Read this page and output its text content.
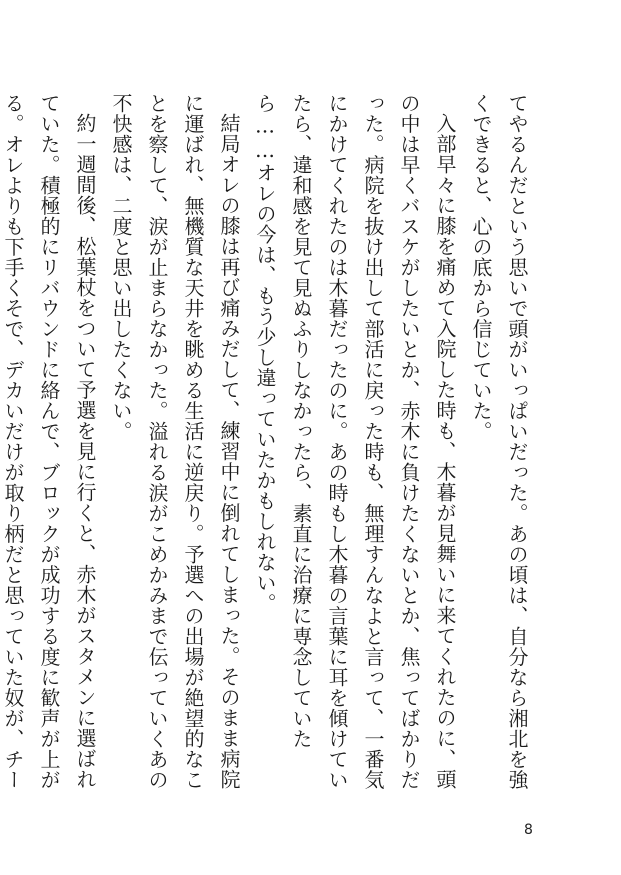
てやるんだという思いで頭がいっぱいだった。あの頃は、自分なら湘北を強くできると、心の底から信じていた。

入部早々に膝を痛めて入院した時も、木暮が見舞いに来てくれたのに、頭の中は早くバスケがしたいとか、赤木に負けたくないとか、焦ってばかりだった。病院を抜け出して部活に戻った時も、無理すんなよと言って、一番気にかけてくれたのは木暮だったのに。あの時もし木暮の言葉に耳を傾けていたら、違和感を見て見ぬふりしなかったら、素直に治療に専念していたら……オレの今は、もう少し違っていたかもしれない。

結局オレの膝は再び痛みだして、練習中に倒れてしまった。そのまま病院に運ばれ、無機質な天井を眺める生活に逆戻り。予選への出場が絶望的なことを察して、涙が止まらなかった。溢れる涙がこめかみまで伝っていくあの不快感は、二度と思い出したくない。

約一週間後、松葉杖をついて予選を見に行くと、赤木がスタメンに選ばれていた。積極的にリバウンドに絡んで、ブロックが成功する度に歓声が上がる。オレよりも下手くそで、デカいだけが取り柄だと思っていた奴が、チー

8
